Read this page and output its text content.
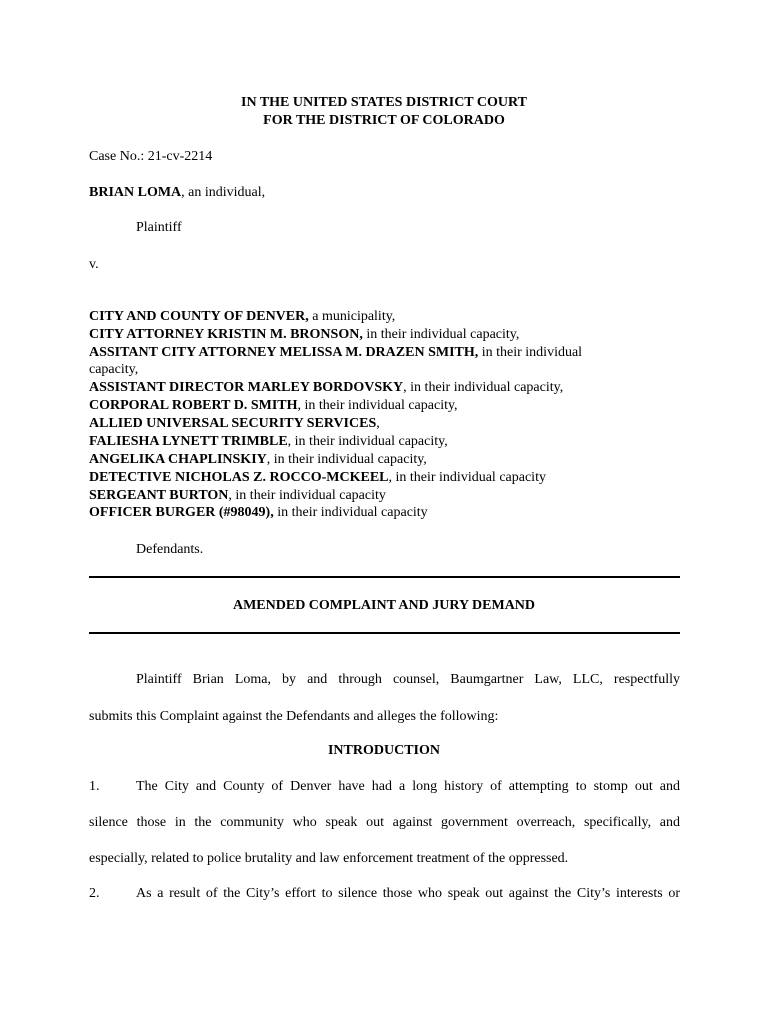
IN THE UNITED STATES DISTRICT COURT
FOR THE DISTRICT OF COLORADO
Case No.: 21-cv-2214
BRIAN LOMA, an individual,
Plaintiff
v.
CITY AND COUNTY OF DENVER, a municipality,
CITY ATTORNEY KRISTIN M. BRONSON, in their individual capacity,
ASSITANT CITY ATTORNEY MELISSA M. DRAZEN SMITH, in their individual
capacity,
ASSISTANT DIRECTOR MARLEY BORDOVSKY, in their individual capacity,
CORPORAL ROBERT D. SMITH, in their individual capacity,
ALLIED UNIVERSAL SECURITY SERVICES,
FALIESHA LYNETT TRIMBLE, in their individual capacity,
ANGELIKA CHAPLINSKIY, in their individual capacity,
DETECTIVE NICHOLAS Z. ROCCO-MCKEEL, in their individual capacity
SERGEANT BURTON, in their individual capacity
OFFICER BURGER (#98049), in their individual capacity
Defendants.
AMENDED COMPLAINT AND JURY DEMAND
Plaintiff Brian Loma, by and through counsel, Baumgartner Law, LLC, respectfully
submits this Complaint against the Defendants and alleges the following:
INTRODUCTION
1.	The City and County of Denver have had a long history of attempting to stomp out and
silence those in the community who speak out against government overreach, specifically, and
especially, related to police brutality and law enforcement treatment of the oppressed.
2.	As a result of the City’s effort to silence those who speak out against the City’s interests or
